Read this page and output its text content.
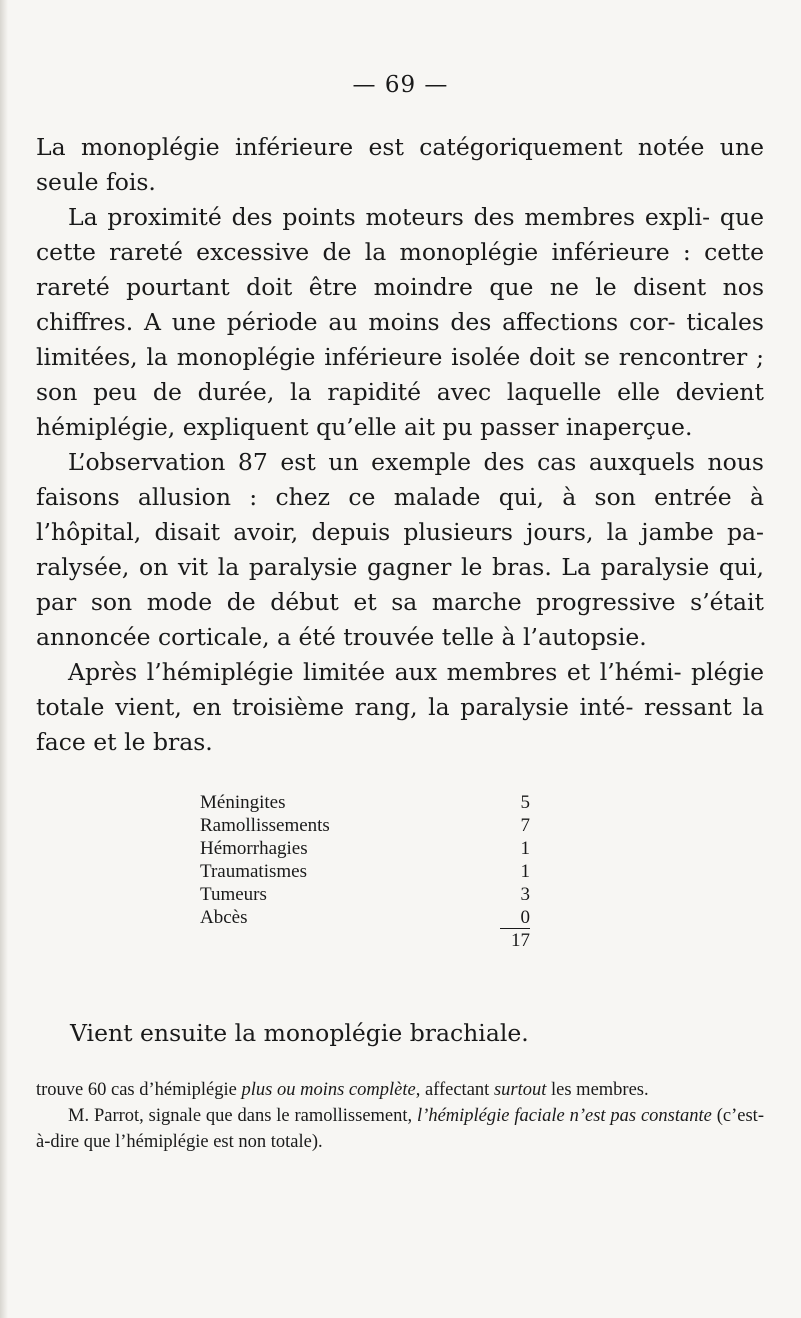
— 69 —

La monoplégie inférieure est catégoriquement notée une seule fois.

La proximité des points moteurs des membres expli- que cette rareté excessive de la monoplégie inférieure : cette rareté pourtant doit être moindre que ne le disent nos chiffres. A une période au moins des affections cor- ticales limitées, la monoplégie inférieure isolée doit se rencontrer ; son peu de durée, la rapidité avec laquelle elle devient hémiplégie, expliquent qu’elle ait pu passer inaperçue.

L’observation 87 est un exemple des cas auxquels nous faisons allusion : chez ce malade qui, à son entrée à l’hôpital, disait avoir, depuis plusieurs jours, la jambe pa- ralysée, on vit la paralysie gagner le bras. La paralysie qui, par son mode de début et sa marche progressive s’était annoncée corticale, a été trouvée telle à l’autopsie.

Après l’hémiplégie limitée aux membres et l’hémi- plégie totale vient, en troisième rang, la paralysie inté- ressant la face et le bras.

Méningites	5
Ramollissements	7
Hémorrhagies	1
Traumatismes	1
Tumeurs	3
Abcès	0
17
Vient ensuite la monoplégie brachiale.

trouve 60 cas d’hémiplégie plus ou moins complète, affectant surtout les membres.

M. Parrot, signale que dans le ramollissement, l’hémiplégie faciale n’est pas constante (c’est-à-dire que l’hémiplégie est non totale).
